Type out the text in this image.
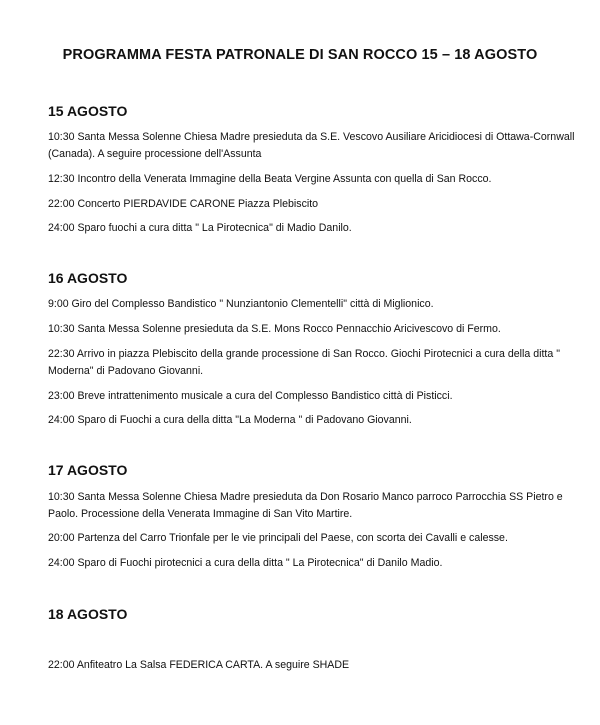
PROGRAMMA FESTA PATRONALE DI SAN ROCCO 15 – 18 AGOSTO
15 AGOSTO
10:30 Santa Messa Solenne Chiesa Madre presieduta da S.E. Vescovo Ausiliare Aricidiocesi di Ottawa-Cornwall (Canada). A seguire processione dell'Assunta
12:30 Incontro della Venerata Immagine della Beata Vergine Assunta con quella di San Rocco.
22:00 Concerto PIERDAVIDE CARONE Piazza Plebiscito
24:00 Sparo fuochi a cura ditta " La Pirotecnica" di Madio Danilo.
16 AGOSTO
9:00 Giro del Complesso Bandistico " Nunziantonio Clementelli" città di Miglionico.
10:30 Santa Messa Solenne presieduta da S.E. Mons Rocco Pennacchio Aricivescovo di Fermo.
22:30 Arrivo in piazza Plebiscito della grande processione di San Rocco. Giochi Pirotecnici a cura della ditta " Moderna" di Padovano Giovanni.
23:00 Breve intrattenimento musicale a cura del Complesso Bandistico città di Pisticci.
24:00 Sparo di Fuochi a cura della ditta "La Moderna " di Padovano Giovanni.
17 AGOSTO
10:30 Santa Messa Solenne Chiesa Madre presieduta da Don Rosario Manco parroco Parrocchia SS Pietro e Paolo. Processione della Venerata Immagine di San Vito Martire.
20:00 Partenza del Carro Trionfale per le vie principali del Paese, con scorta dei Cavalli e calesse.
24:00 Sparo di Fuochi pirotecnici a cura della ditta " La Pirotecnica" di Danilo Madio.
18 AGOSTO
22:00 Anfiteatro La Salsa FEDERICA CARTA. A seguire SHADE
